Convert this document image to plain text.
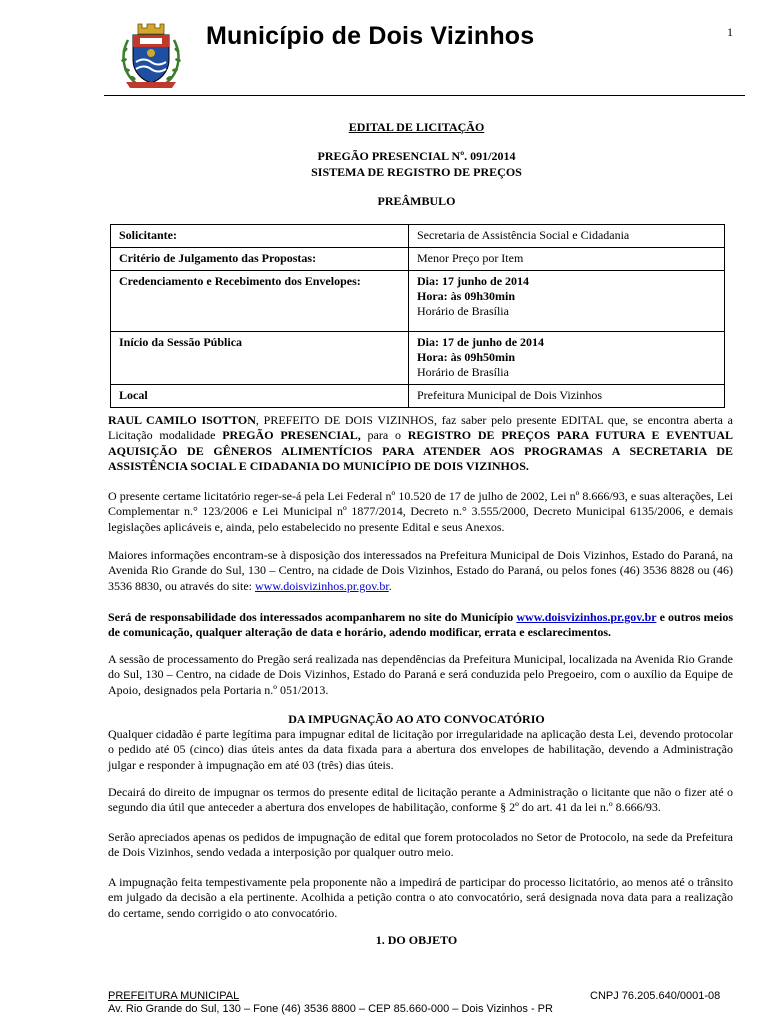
Município de Dois Vizinhos	1
EDITAL DE LICITAÇÃO
PREGÃO PRESENCIAL Nº. 091/2014
SISTEMA DE REGISTRO DE PREÇOS
PREÂMBULO
Solicitante:	Secretaria de Assistência Social e Cidadania
Critério de Julgamento das Propostas:	Menor Preço por Item
Credenciamento e Recebimento dos Envelopes:	Dia: 17 junho de 2014
Hora: às 09h30min
Horário de Brasília

Início da Sessão Pública	Dia: 17 de junho de 2014
Hora: às 09h50min
Horário de Brasília

Local	Prefeitura Municipal de Dois Vizinhos

RAUL CAMILO ISOTTON, PREFEITO DE DOIS VIZINHOS, faz saber pelo presente EDITAL que, se encontra aberta a Licitação modalidade PREGÃO PRESENCIAL, para o REGISTRO DE PREÇOS PARA FUTURA E EVENTUAL AQUISIÇÃO DE GÊNEROS ALIMENTÍCIOS PARA ATENDER AOS PROGRAMAS A SECRETARIA DE ASSISTÊNCIA SOCIAL E CIDADANIA DO MUNICÍPIO DE DOIS VIZINHOS.

O presente certame licitatório reger-se-á pela Lei Federal nº 10.520 de 17 de julho de 2002, Lei nº 8.666/93, e suas alterações, Lei Complementar n.° 123/2006 e Lei Municipal nº 1877/2014, Decreto n.° 3.555/2000, Decreto Municipal 6135/2006, e demais legislações aplicáveis e, ainda, pelo estabelecido no presente Edital e seus Anexos.

Maiores informações encontram-se à disposição dos interessados na Prefeitura Municipal de Dois Vizinhos, Estado do Paraná, na Avenida Rio Grande do Sul, 130 – Centro, na cidade de Dois Vizinhos, Estado do Paraná, ou pelos fones (46) 3536 8828 ou (46) 3536 8830, ou através do site: www.doisvizinhos.pr.gov.br.

Será de responsabilidade dos interessados acompanharem no site do Município www.doisvizinhos.pr.gov.br e outros meios de comunicação, qualquer alteração de data e horário, adendo modificar, errata e esclarecimentos.

A sessão de processamento do Pregão será realizada nas dependências da Prefeitura Municipal, localizada na Avenida Rio Grande do Sul, 130 – Centro, na cidade de Dois Vizinhos, Estado do Paraná e será conduzida pelo Pregoeiro, com o auxílio da Equipe de Apoio, designados pela Portaria n.º 051/2013.

DA IMPUGNAÇÃO AO ATO CONVOCATÓRIO

Qualquer cidadão é parte legítima para impugnar edital de licitação por irregularidade na aplicação desta Lei, devendo protocolar o pedido até 05 (cinco) dias úteis antes da data fixada para a abertura dos envelopes de habilitação, devendo a Administração julgar e responder à impugnação em até 03 (três) dias úteis.

Decairá do direito de impugnar os termos do presente edital de licitação perante a Administração o licitante que não o fizer até o segundo dia útil que anteceder a abertura dos envelopes de habilitação, conforme § 2º do art. 41 da lei n.º 8.666/93.

Serão apreciados apenas os pedidos de impugnação de edital que forem protocolados no Setor de Protocolo, na sede da Prefeitura de Dois Vizinhos, sendo vedada a interposição por qualquer outro meio.

A impugnação feita tempestivamente pela proponente não a impedirá de participar do processo licitatório, ao menos até o trânsito em julgado da decisão a ela pertinente. Acolhida a petição contra o ato convocatório, será designada nova data para a realização do certame, sendo corrigido o ato convocatório.

1. DO OBJETO
PREFEITURA MUNICIPAL
Av. Rio Grande do Sul, 130 – Fone (46) 3536 8800 – CEP 85.660-000 – Dois Vizinhos - PR
CNPJ 76.205.640/0001-08
